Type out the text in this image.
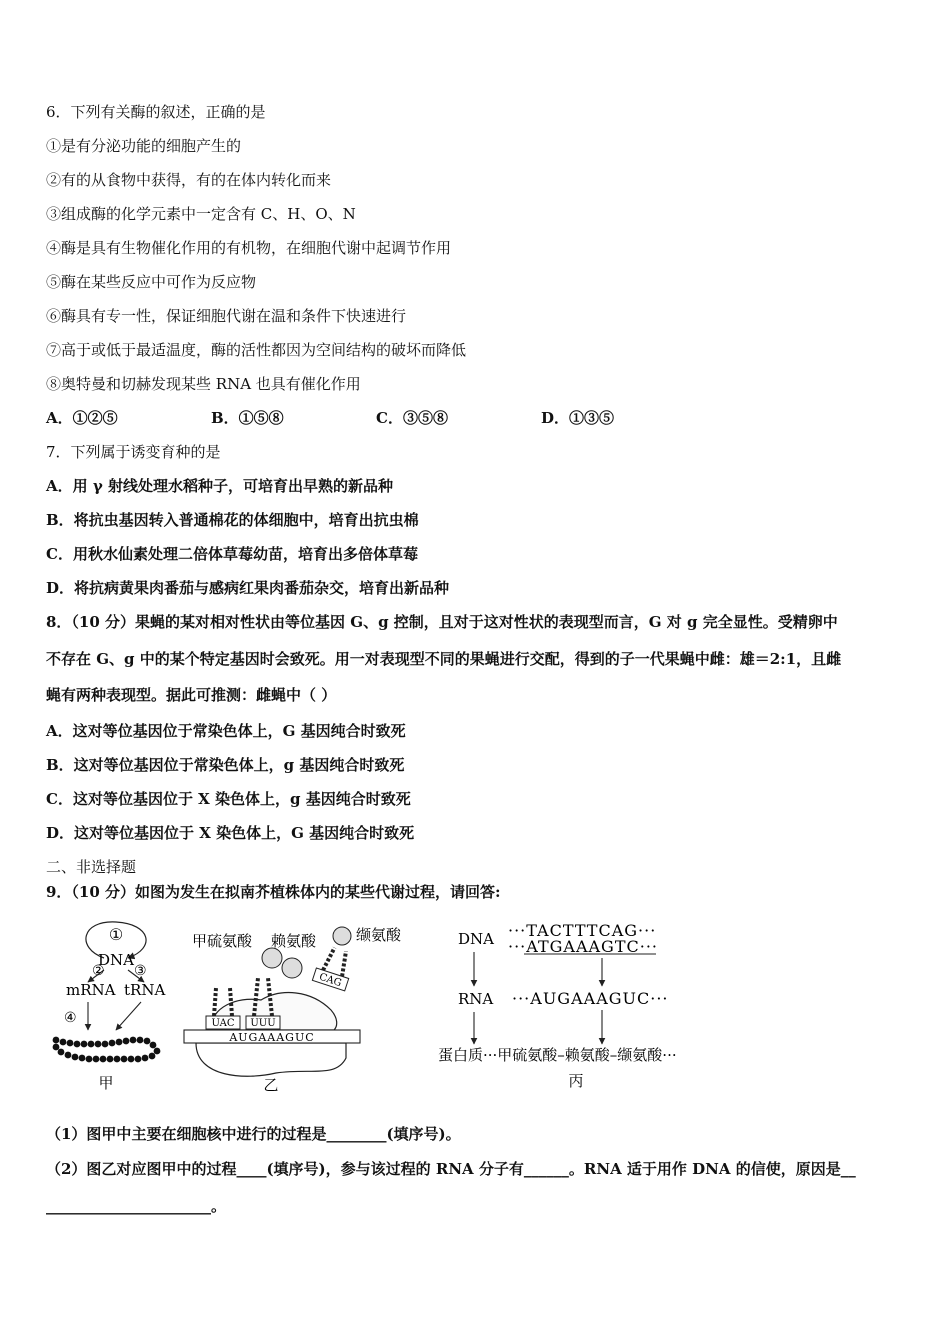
6．下列有关酶的叙述，正确的是
①是有分泌功能的细胞产生的
②有的从食物中获得，有的在体内转化而来
③组成酶的化学元素中一定含有 C、H、O、N
④酶是具有生物催化作用的有机物，在细胞代谢中起调节作用
⑤酶在某些反应中可作为反应物
⑥酶具有专一性，保证细胞代谢在温和条件下快速进行
⑦高于或低于最适温度，酶的活性都因为空间结构的破坏而降低
⑧奥特曼和切赫发现某些 RNA 也具有催化作用
A．①②⑤	B．①⑤⑧	C．③⑤⑧	D．①③⑤
7．下列属于诱变育种的是
A．用 γ 射线处理水稻种子，可培育出早熟的新品种
B．将抗虫基因转入普通棉花的体细胞中，培育出抗虫棉
C．用秋水仙素处理二倍体草莓幼苗，培育出多倍体草莓
D．将抗病黄果肉番茄与感病红果肉番茄杂交，培育出新品种
8．（10 分）果蝇的某对相对性状由等位基因 G、g 控制，且对于这对性状的表现型而言，G 对 g 完全显性。受精卵中
不存在 G、g 中的某个特定基因时会致死。用一对表现型不同的果蝇进行交配，得到的子一代果蝇中雌：雄＝2:1，且雌
蝇有两种表现型。据此可推测：雌蝇中（ ）
A．这对等位基因位于常染色体上，G 基因纯合时致死
B．这对等位基因位于常染色体上，g 基因纯合时致死
C．这对等位基因位于 X 染色体上，g 基因纯合时致死
D．这对等位基因位于 X 染色体上，G 基因纯合时致死
二、非选择题
9．（10 分）如图为发生在拟南芥植株体内的某些代谢过程，请回答:
①
DNA
② ③
mRNA tRNA
④
甲
AUGAAAGUC
UAC UUU
CAG
甲硫氨酸 赖氨酸	缬氨酸
乙
DNA ···TACTTTCAG···
···ATGAAAGTC···
RNA ···AUGAAAGUC···
蛋白质···甲硫氨酸–赖氨酸–缬氨酸···
丙
（1）图甲中主要在细胞核中进行的过程是________(填序号)。
（2）图乙对应图甲中的过程____(填序号)，参与该过程的 RNA 分子有______。RNA 适于用作 DNA 的信使，原因是__
______________________。
